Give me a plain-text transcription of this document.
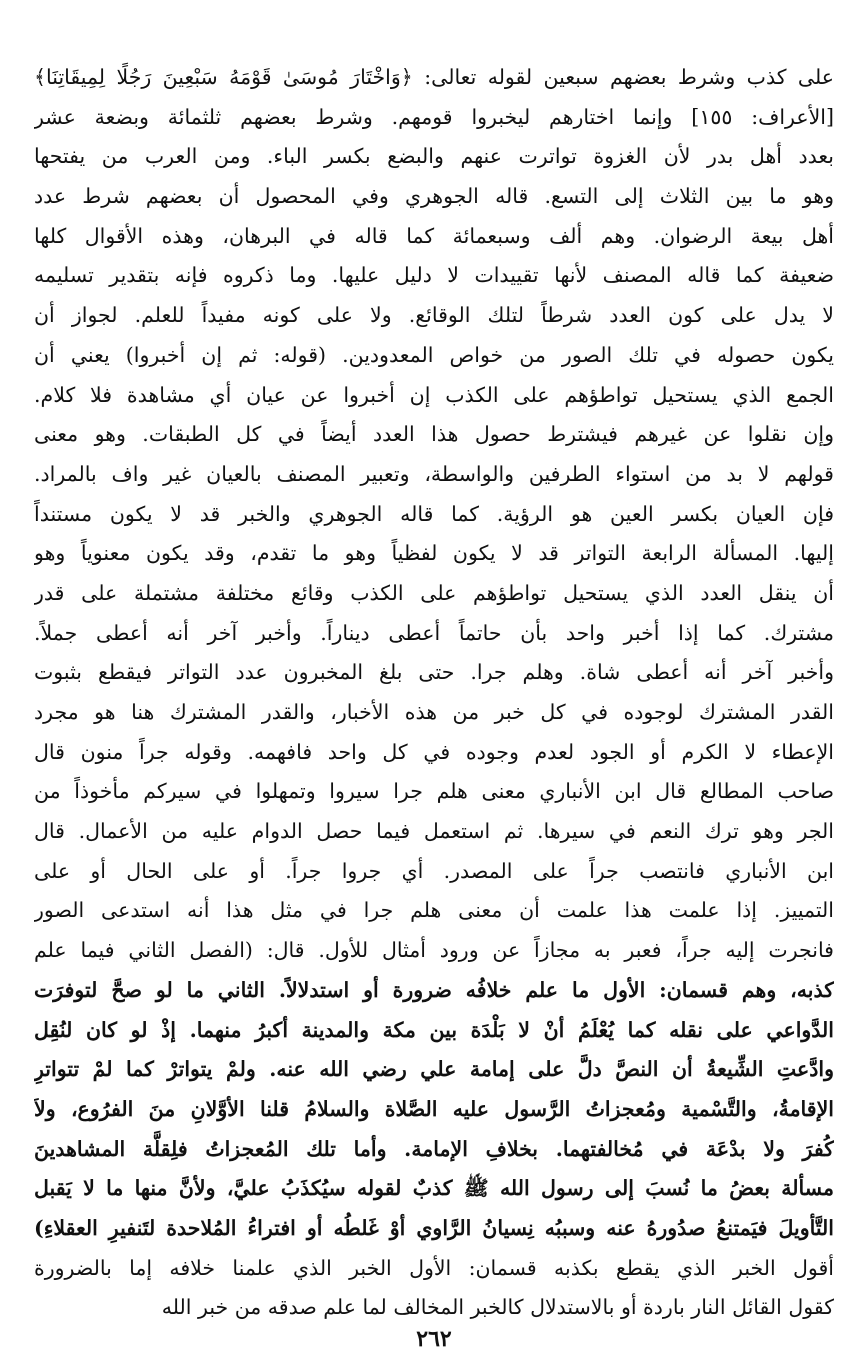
على كذب وشرط بعضهم سبعين لقوله تعالى: ﴿وَاخْتَارَ مُوسَىٰ قَوْمَهُ سَبْعِينَ رَجُلًا لِمِيقَاتِنَا﴾
[الأعراف: ١٥٥] وإنما اختارهم ليخبروا قومهم. وشرط بعضهم ثلثمائة وبضعة عشر
بعدد أهل بدر لأن الغزوة تواترت عنهم والبضع بكسر الباء. ومن العرب من يفتحها
وهو ما بين الثلاث إلى التسع. قاله الجوهري وفي المحصول أن بعضهم شرط عدد
أهل بيعة الرضوان. وهم ألف وسبعمائة كما قاله في البرهان، وهذه الأقوال كلها
ضعيفة كما قاله المصنف لأنها تقييدات لا دليل عليها. وما ذكروه فإنه بتقدير تسليمه
لا يدل على كون العدد شرطاً لتلك الوقائع. ولا على كونه مفيداً للعلم. لجواز أن
يكون حصوله في تلك الصور من خواص المعدودين. (قوله: ثم إن أخبروا) يعني أن
الجمع الذي يستحيل تواطؤهم على الكذب إن أخبروا عن عيان أي مشاهدة فلا كلام.
وإن نقلوا عن غيرهم فيشترط حصول هذا العدد أيضاً في كل الطبقات. وهو معنى
قولهم لا بد من استواء الطرفين والواسطة، وتعبير المصنف بالعيان غير واف بالمراد.
فإن العيان بكسر العين هو الرؤية. كما قاله الجوهري والخبر قد لا يكون مستنداً
إليها. المسألة الرابعة التواتر قد لا يكون لفظياً وهو ما تقدم، وقد يكون معنوياً وهو
أن ينقل العدد الذي يستحيل تواطؤهم على الكذب وقائع مختلفة مشتملة على قدر
مشترك. كما إذا أخبر واحد بأن حاتماً أعطى ديناراً. وأخبر آخر أنه أعطى جملاً.
وأخبر آخر أنه أعطى شاة. وهلم جرا. حتى بلغ المخبرون عدد التواتر فيقطع بثبوت
القدر المشترك لوجوده في كل خبر من هذه الأخبار، والقدر المشترك هنا هو مجرد
الإعطاء لا الكرم أو الجود لعدم وجوده في كل واحد فافهمه. وقوله جراً منون قال
صاحب المطالع قال ابن الأنباري معنى هلم جرا سيروا وتمهلوا في سيركم مأخوذاً من
الجر وهو ترك النعم في سيرها. ثم استعمل فيما حصل الدوام عليه من الأعمال. قال
ابن الأنباري فانتصب جراً على المصدر. أي جروا جراً. أو على الحال أو على
التمييز. إذا علمت هذا علمت أن معنى هلم جرا في مثل هذا أنه استدعى الصور
فانجرت إليه جراً، فعبر به مجازاً عن ورود أمثال للأول. قال: (الفصل الثاني فيما علم
كذبه، وهم قسمان: الأول ما علم خلافُه ضرورة أو استدلالاً. الثاني ما لو صحَّ لتوفرَت
الدَّواعي على نقله كما يُعْلَمُ أنْ لا بَلْدَة بين مكة والمدينة أكبرُ منهما. إذْ لو كان لنُقِل
وادَّعتِ الشِّيعةُ أن النصَّ دلَّ على إمامة علي رضي الله عنه. ولمْ يتواترْ كما لمْ تتواترِ
الإقامةُ، والتَّسْمية ومُعجزاتُ الرَّسول عليه الصَّلاة والسلامُ قلنا الأوَّلانِ منَ الفرُوع، ولاَ
كُفرَ ولا بدْعَة في مُخالفتهما. بخلافِ الإمامة. وأما تلك المُعجزاتُ فلِقلَّة المشاهدينَ
مسألة بعضُ ما نُسبَ إلى رسول الله ﷺ كذبٌ لقوله سيُكذَبُ عليَّ، ولأنَّ منها ما لا يَقبل
التَّأويلَ فيَمتنعُ صدُورهُ عنه وسببُه نِسيانُ الرَّاوي أوْ غَلطُه أو افتراءُ المُلاحدة لتَنفيرِ العقلاءِ)
أقول الخبر الذي يقطع بكذبه قسمان: الأول الخبر الذي علمنا خلافه إما بالضرورة
كقول القائل النار باردة أو بالاستدلال كالخبر المخالف لما علم صدقه من خبر الله
٢٦٢
